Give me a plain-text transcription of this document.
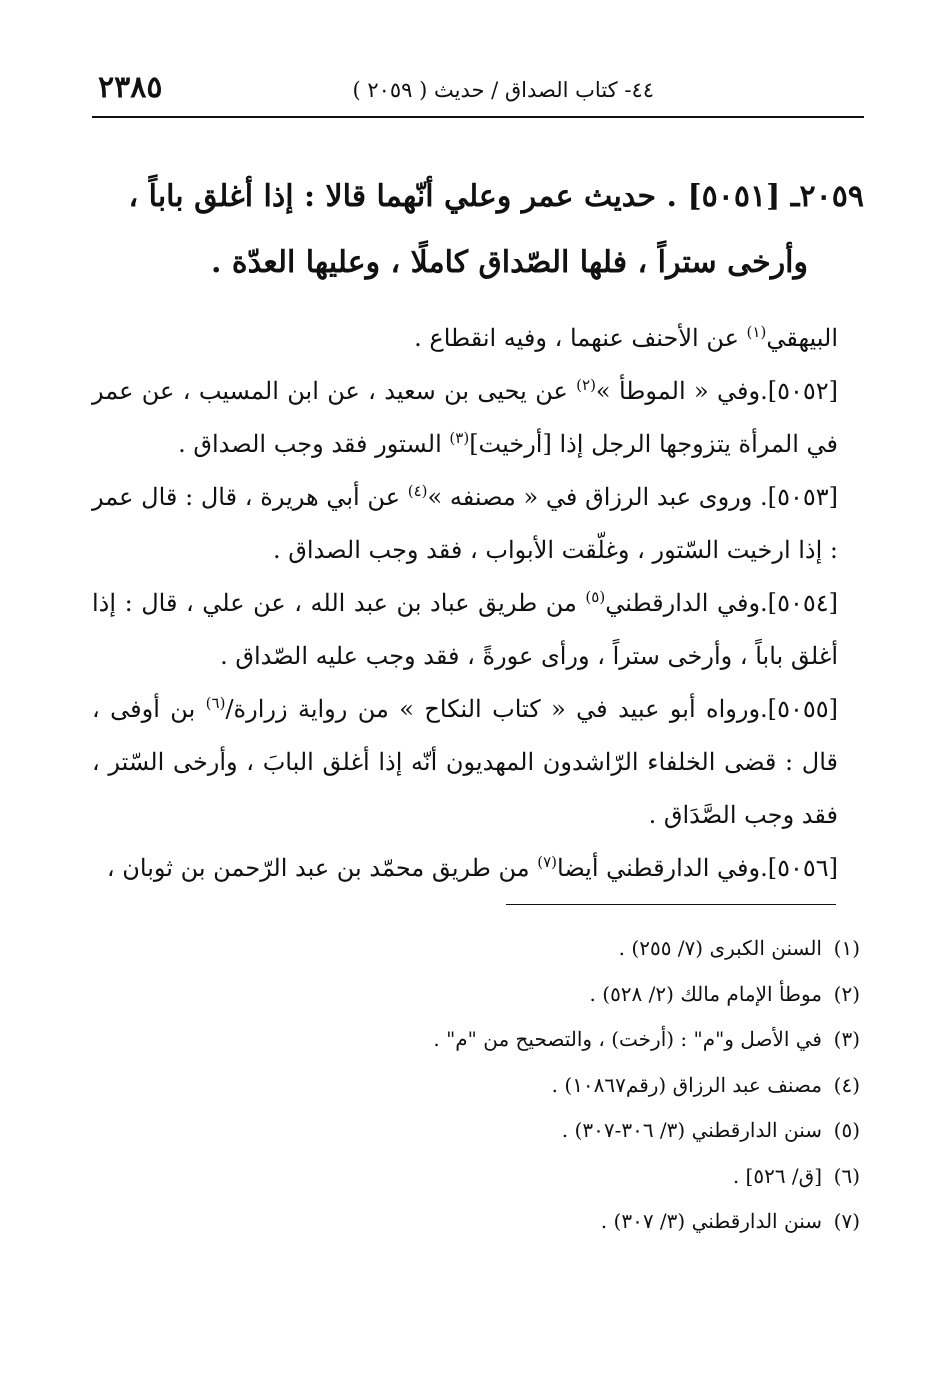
٤٤- كتاب الصداق / حديث ( ٢٠٥٩ )
٢٣٨٥
٢٠٥٩ـ [٥٠٥١] . حديث عمر وعلي أنّهما قالا : إذا أغلق باباً ،
وأرخى ستراً ، فلها الصّداق كاملًا ، وعليها العدّة .

البيهقي$^{(١)}$ عن الأحنف عنهما ، وفيه انقطاع .

[٥٠٥٢].وفي « الموطأ »$^{(٢)}$ عن يحيى بن سعيد ، عن ابن المسيب ، عن عمر في المرأة يتزوجها الرجل إذا [أرخيت]$^{(٣)}$ الستور فقد وجب الصداق .

[٥٠٥٣]. وروى عبد الرزاق في « مصنفه »$^{(٤)}$ عن أبي هريرة ، قال : قال عمر : إذا ارخيت السّتور ، وغلّقت الأبواب ، فقد وجب الصداق .

[٥٠٥٤].وفي الدارقطني$^{(٥)}$ من طريق عباد بن عبد الله ، عن علي ، قال : إذا أغلق باباً ، وأرخى ستراً ، ورأى عورةً ، فقد وجب عليه الصّداق .

[٥٠٥٥].ورواه أبو عبيد في « كتاب النكاح » من رواية زرارة/$^{(٦)}$ بن أوفى ، قال : قضى الخلفاء الرّاشدون المهديون أنّه إذا أغلق البابَ ، وأرخى السّتر ، فقد وجب الصَّدَاق .

[٥٠٥٦].وفي الدارقطني أيضا$^{(٧)}$ من طريق محمّد بن عبد الرّحمن بن ثوبان ،

(١)السنن الكبرى (٧/ ٢٥٥) .
(٢)موطأ الإمام مالك (٢/ ٥٢٨) .
(٣)في الأصل و"م" : (أرخت) ، والتصحيح من "م" .
(٤)مصنف عبد الرزاق (رقم١٠٨٦٧) .
(٥)سنن الدارقطني (٣/ ٣٠٦-٣٠٧) .
(٦)[ق/ ٥٢٦] .
(٧)سنن الدارقطني (٣/ ٣٠٧) .
